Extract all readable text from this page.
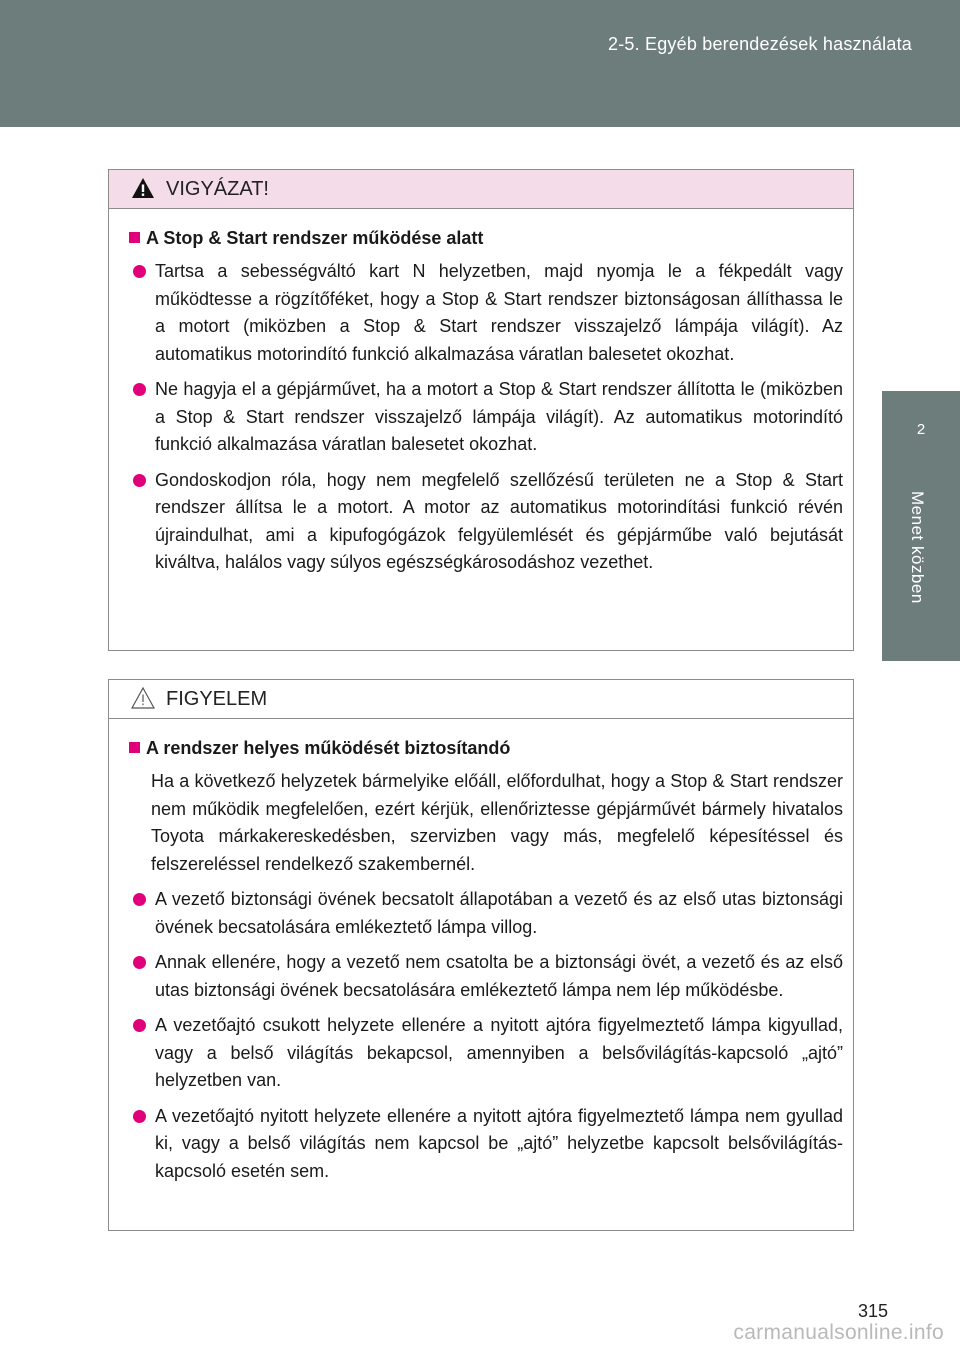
2-5. Egyéb berendezések használata
2
Menet közben
VIGYÁZAT!
A Stop & Start rendszer működése alatt
Tartsa a sebességváltó kart N helyzetben, majd nyomja le a fékpedált vagy működtesse a rögzítőféket, hogy a Stop & Start rendszer biztonságosan állíthassa le a motort (miközben a Stop & Start rendszer visszajelző lámpája világít). Az automatikus motorindító funkció alkalmazása váratlan balesetet okozhat.
Ne hagyja el a gépjárművet, ha a motort a Stop & Start rendszer állította le (miközben a Stop & Start rendszer visszajelző lámpája világít). Az automatikus motorindító funkció alkalmazása váratlan balesetet okozhat.
Gondoskodjon róla, hogy nem megfelelő szellőzésű területen ne a Stop & Start rendszer állítsa le a motort. A motor az automatikus motorindítási funkció révén újraindulhat, ami a kipufogógázok felgyülemlését és gépjárműbe való bejutását kiváltva, halálos vagy súlyos egészségkárosodáshoz vezethet.
FIGYELEM
A rendszer helyes működését biztosítandó
Ha a következő helyzetek bármelyike előáll, előfordulhat, hogy a Stop & Start rendszer nem működik megfelelően, ezért kérjük, ellenőriztesse gépjárművét bármely hivatalos Toyota márkakereskedésben, szervizben vagy más, megfelelő képesítéssel és felszereléssel rendelkező szakembernél.
A vezető biztonsági övének becsatolt állapotában a vezető és az első utas biztonsági övének becsatolására emlékeztető lámpa villog.
Annak ellenére, hogy a vezető nem csatolta be a biztonsági övét, a vezető és az első utas biztonsági övének becsatolására emlékeztető lámpa nem lép működésbe.
A vezetőajtó csukott helyzete ellenére a nyitott ajtóra figyelmeztető lámpa kigyullad, vagy a belső világítás bekapcsol, amennyiben a belsővilágítás-kapcsoló „ajtó” helyzetben van.
A vezetőajtó nyitott helyzete ellenére a nyitott ajtóra figyelmeztető lámpa nem gyullad ki, vagy a belső világítás nem kapcsol be „ajtó” helyzetbe kapcsolt belsővilágítás-kapcsoló esetén sem.
315
carmanualsonline.info
